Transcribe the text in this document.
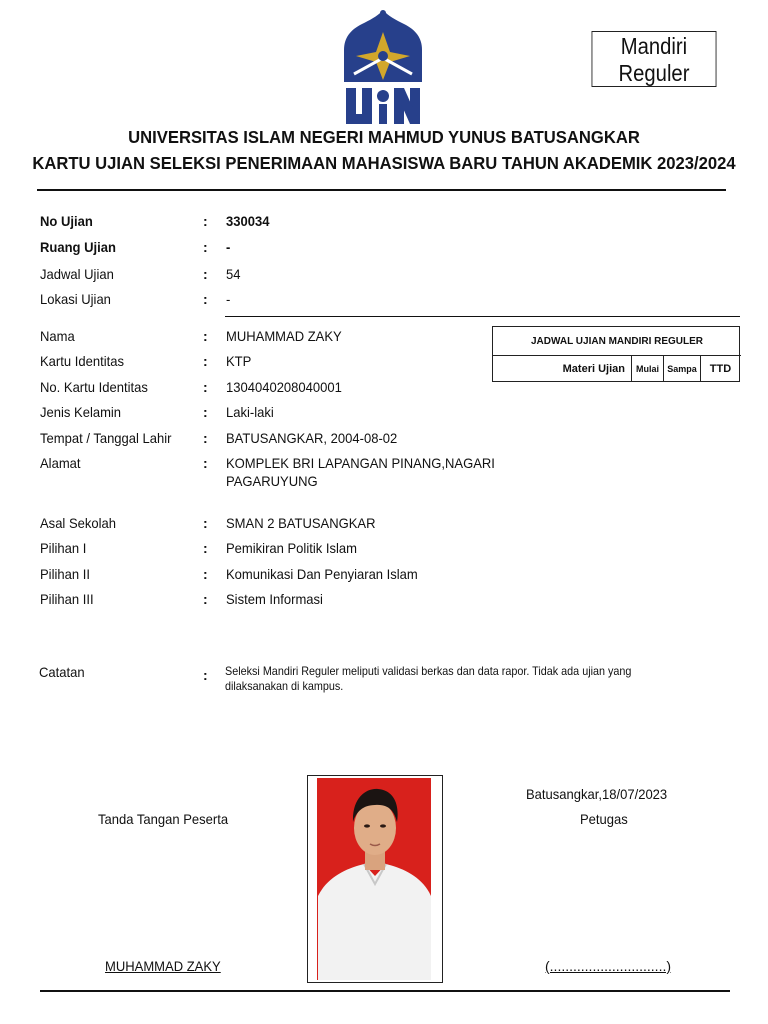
Mandiri
Reguler
UNIVERSITAS ISLAM NEGERI MAHMUD YUNUS BATUSANGKAR
KARTU UJIAN SELEKSI PENERIMAAN MAHASISWA BARU TAHUN AKADEMIK 2023/2024
No Ujian	: 330034
Ruang Ujian	: -
Jadwal Ujian	: 54
Lokasi Ujian	: -
Nama	: MUHAMMAD ZAKY
Kartu Identitas	: KTP
No. Kartu Identitas	: 1304040208040001
Jenis Kelamin	: Laki-laki
Tempat / Tanggal Lahir : BATUSANGKAR, 2004-08-02
Alamat	: KOMPLEK BRI LAPANGAN PINANG,NAGARI
PAGARUYUNG
Asal Sekolah	: SMAN 2 BATUSANGKAR
Pilihan I	: Pemikiran Politik Islam
Pilihan II	: Komunikasi Dan Penyiaran Islam
Pilihan III	: Sistem Informasi
Catatan	: Seleksi Mandiri Reguler meliputi validasi berkas dan data rapor. Tidak ada ujian yang dilaksanakan di kampus.
JADWAL UJIAN MANDIRI REGULER
Materi Ujian	Mulai Sampa	TTD
Tanda Tangan Peserta
MUHAMMAD ZAKY
Batusangkar,18/07/2023
Petugas
(..............................)
